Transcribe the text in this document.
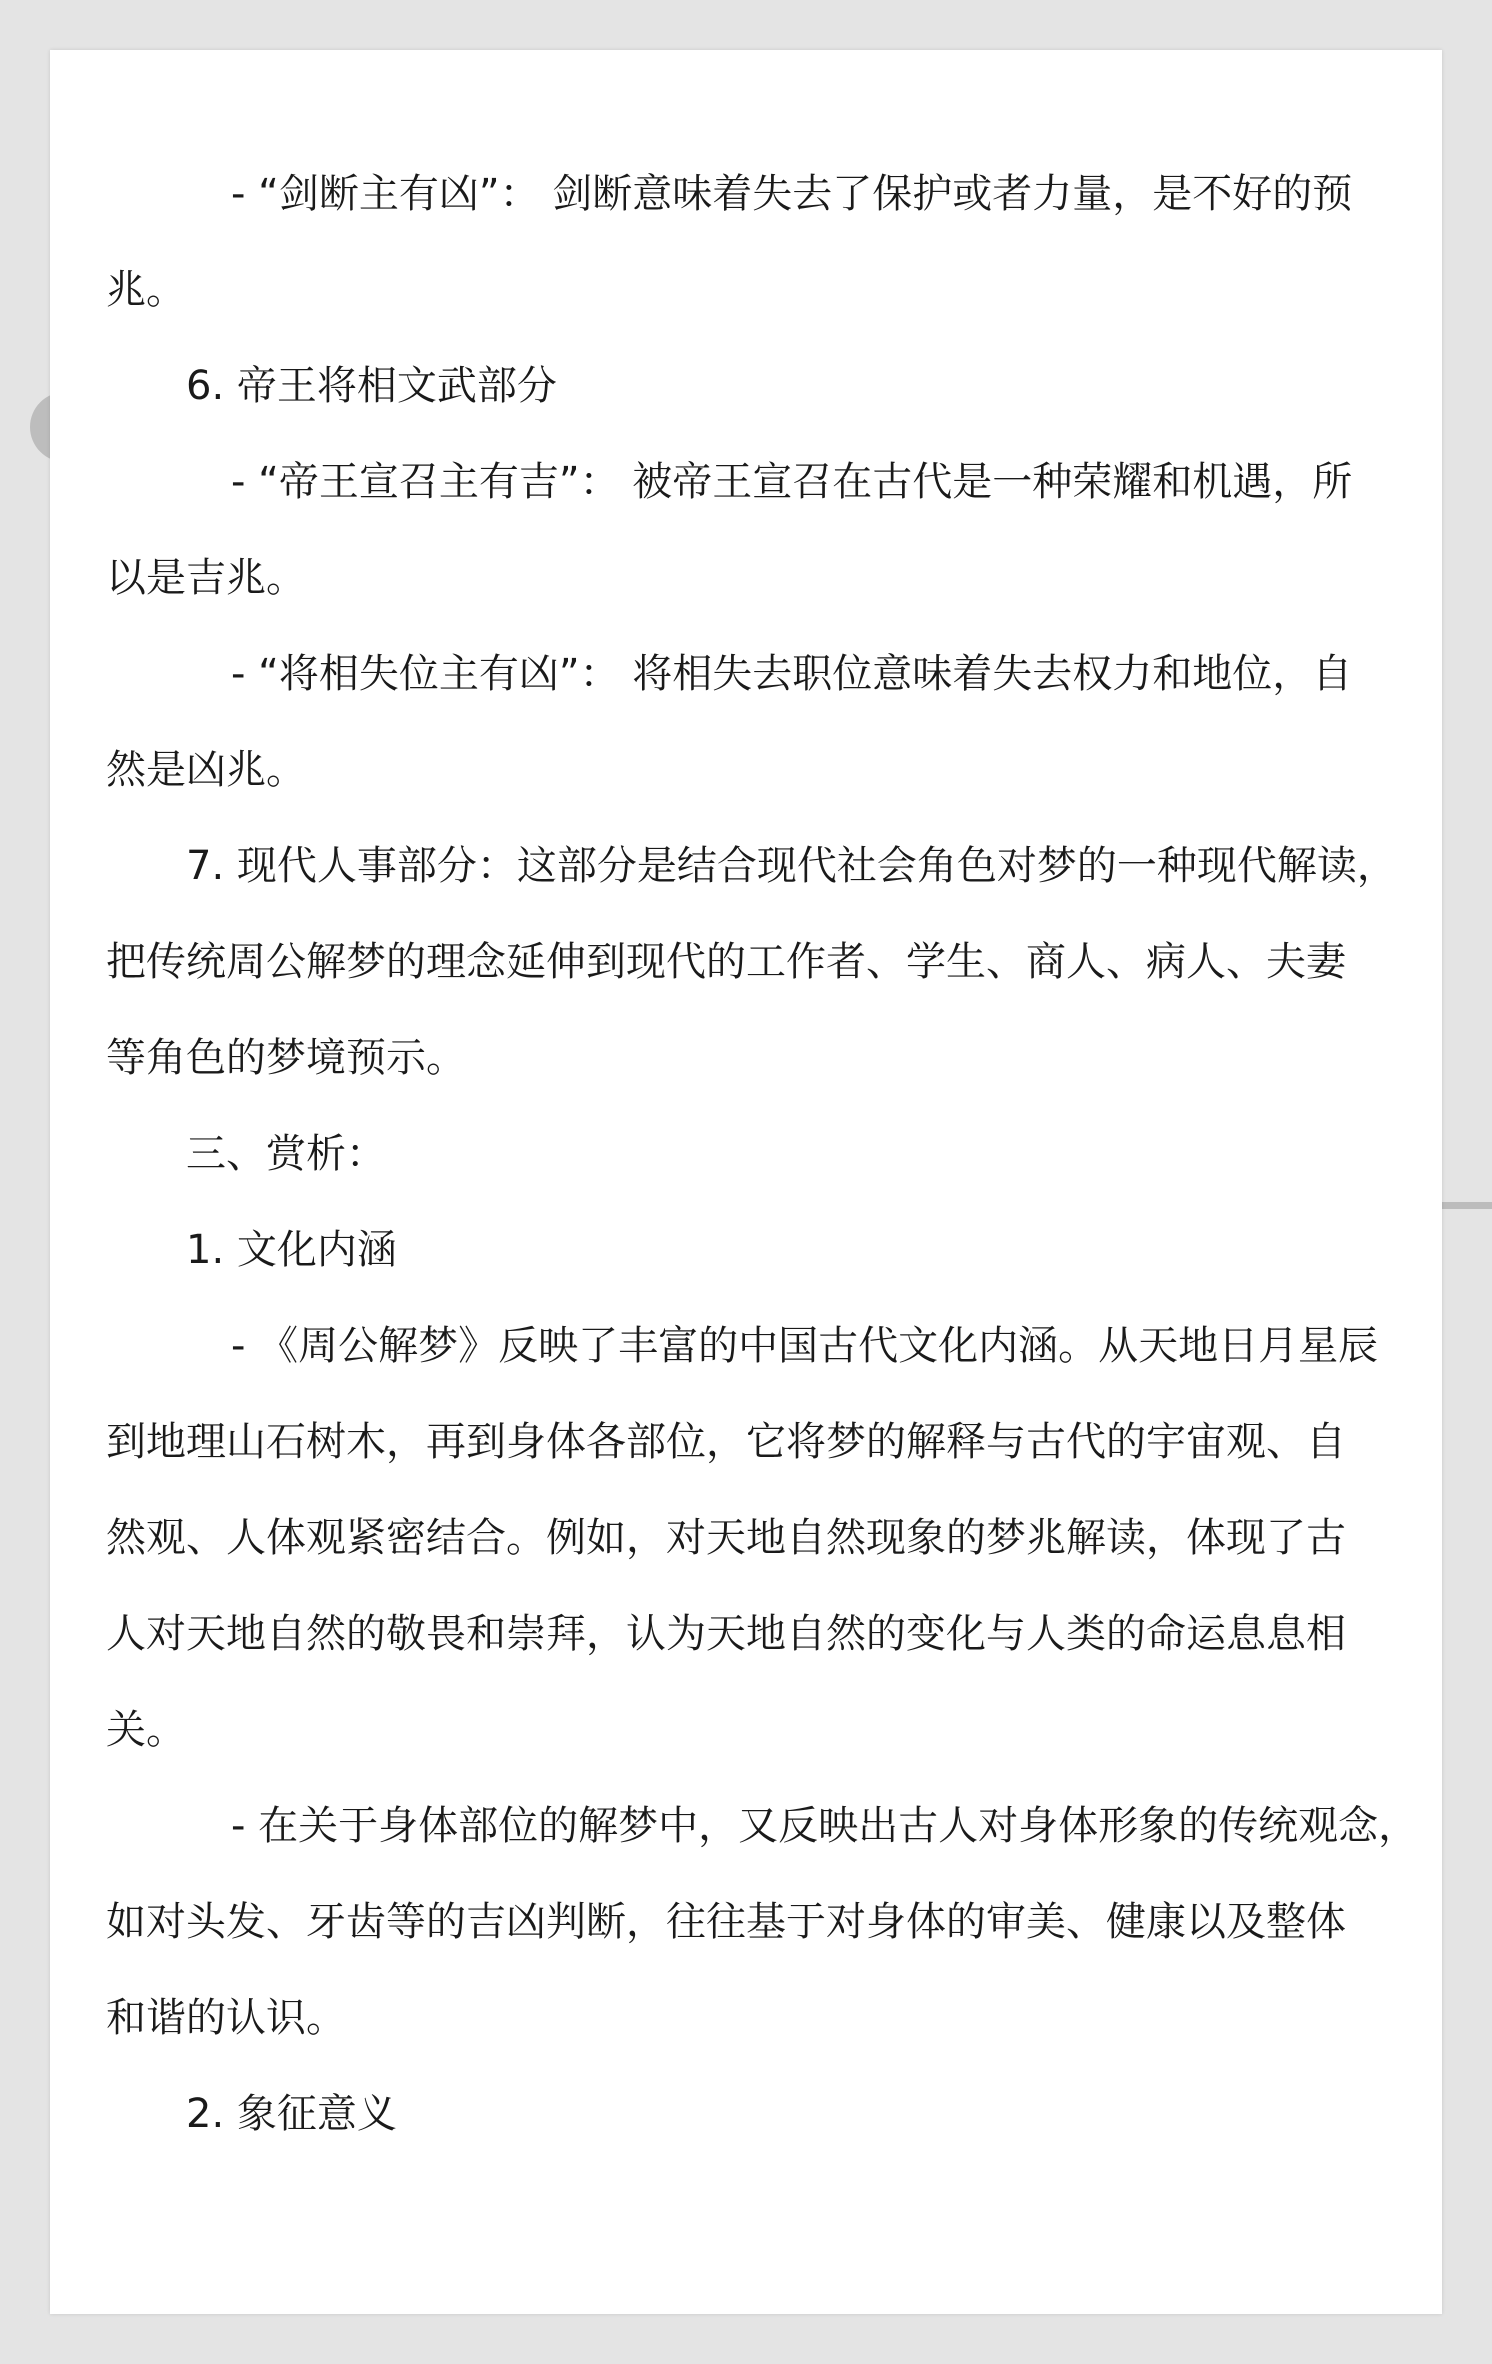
- “剑断主有凶”： 剑断意味着失去了保护或者力量，是不好的预
兆。
6. 帝王将相文武部分
- “帝王宣召主有吉”： 被帝王宣召在古代是一种荣耀和机遇，所
以是吉兆。
- “将相失位主有凶”： 将相失去职位意味着失去权力和地位，自
然是凶兆。
7. 现代人事部分：这部分是结合现代社会角色对梦的一种现代解读，
把传统周公解梦的理念延伸到现代的工作者、学生、商人、病人、夫妻
等角色的梦境预示。
三、赏析：
1. 文化内涵
- 《周公解梦》反映了丰富的中国古代文化内涵。从天地日月星辰
到地理山石树木，再到身体各部位，它将梦的解释与古代的宇宙观、自
然观、人体观紧密结合。例如，对天地自然现象的梦兆解读，体现了古
人对天地自然的敬畏和崇拜，认为天地自然的变化与人类的命运息息相
关。
- 在关于身体部位的解梦中，又反映出古人对身体形象的传统观念，
如对头发、牙齿等的吉凶判断，往往基于对身体的审美、健康以及整体
和谐的认识。
2. 象征意义
